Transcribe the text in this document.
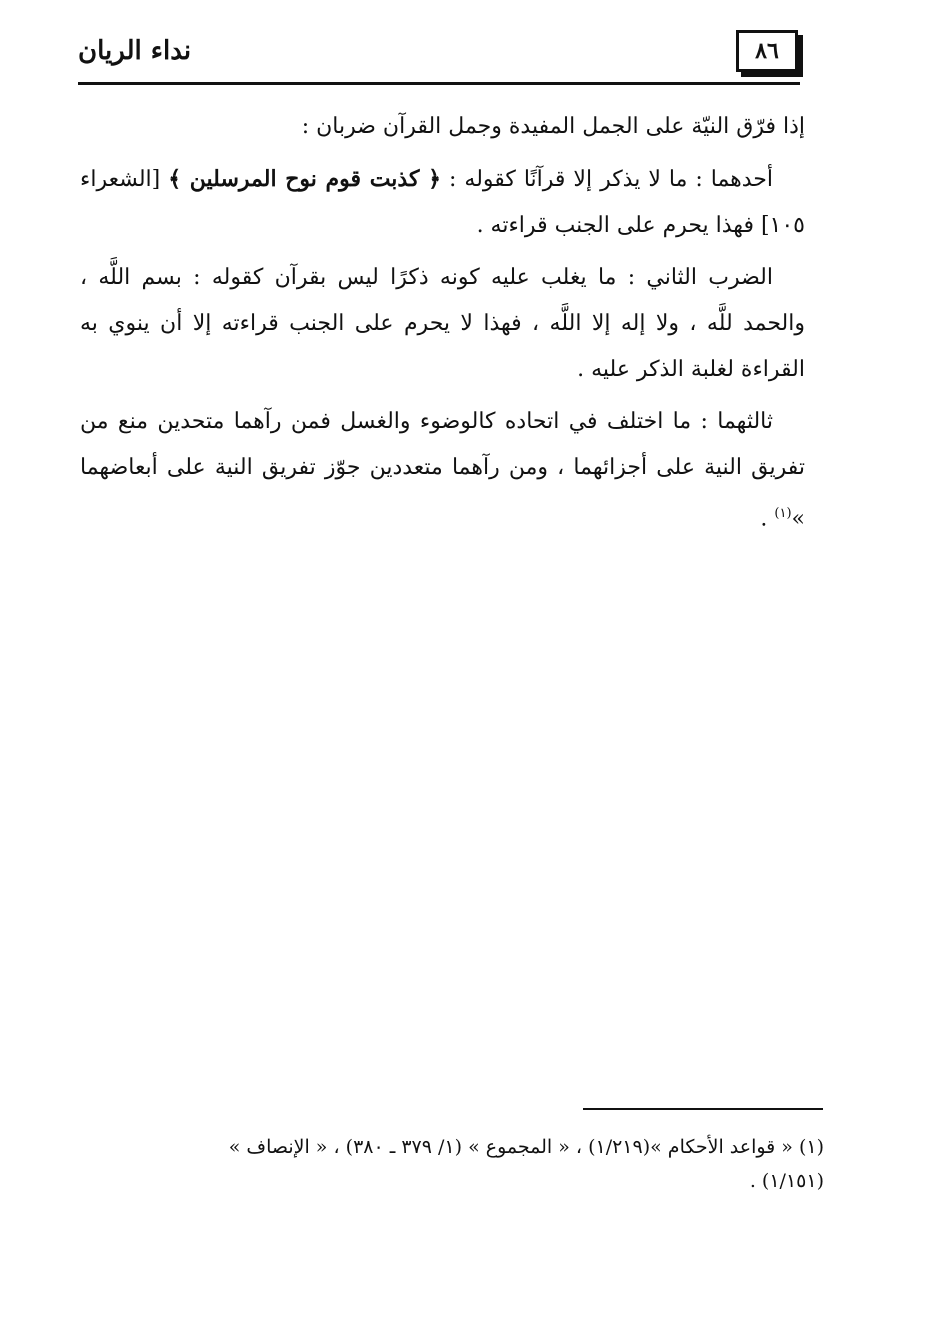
نداء الريان	٨٦

إذا فرّق النيّة على الجمل المفيدة وجمل القرآن ضربان :

أحدهما : ما لا يذكر إلا قرآنًا كقوله : ﴿ كذبت قوم نوح المرسلين ﴾ [الشعراء ١٠٥] فهذا يحرم على الجنب قراءته .

الضرب الثاني : ما يغلب عليه كونه ذكرًا ليس بقرآن كقوله : بسم اللَّه ، والحمد للَّه ، ولا إله إلا اللَّه ، فهذا لا يحرم على الجنب قراءته إلا أن ينوي به القراءة لغلبة الذكر عليه .

ثالثهما : ما اختلف في اتحاده كالوضوء والغسل فمن رآهما متحدين منع من تفريق النية على أجزائهما ، ومن رآهما متعددين جوّز تفريق النية على أبعاضهما »$^{(١)}$ .

(١) « قواعد الأحكام »(١/٢١٩) ، « المجموع » (١/ ٣٧٩ ـ ٣٨٠) ، « الإنصاف »
(١/١٥١) .
